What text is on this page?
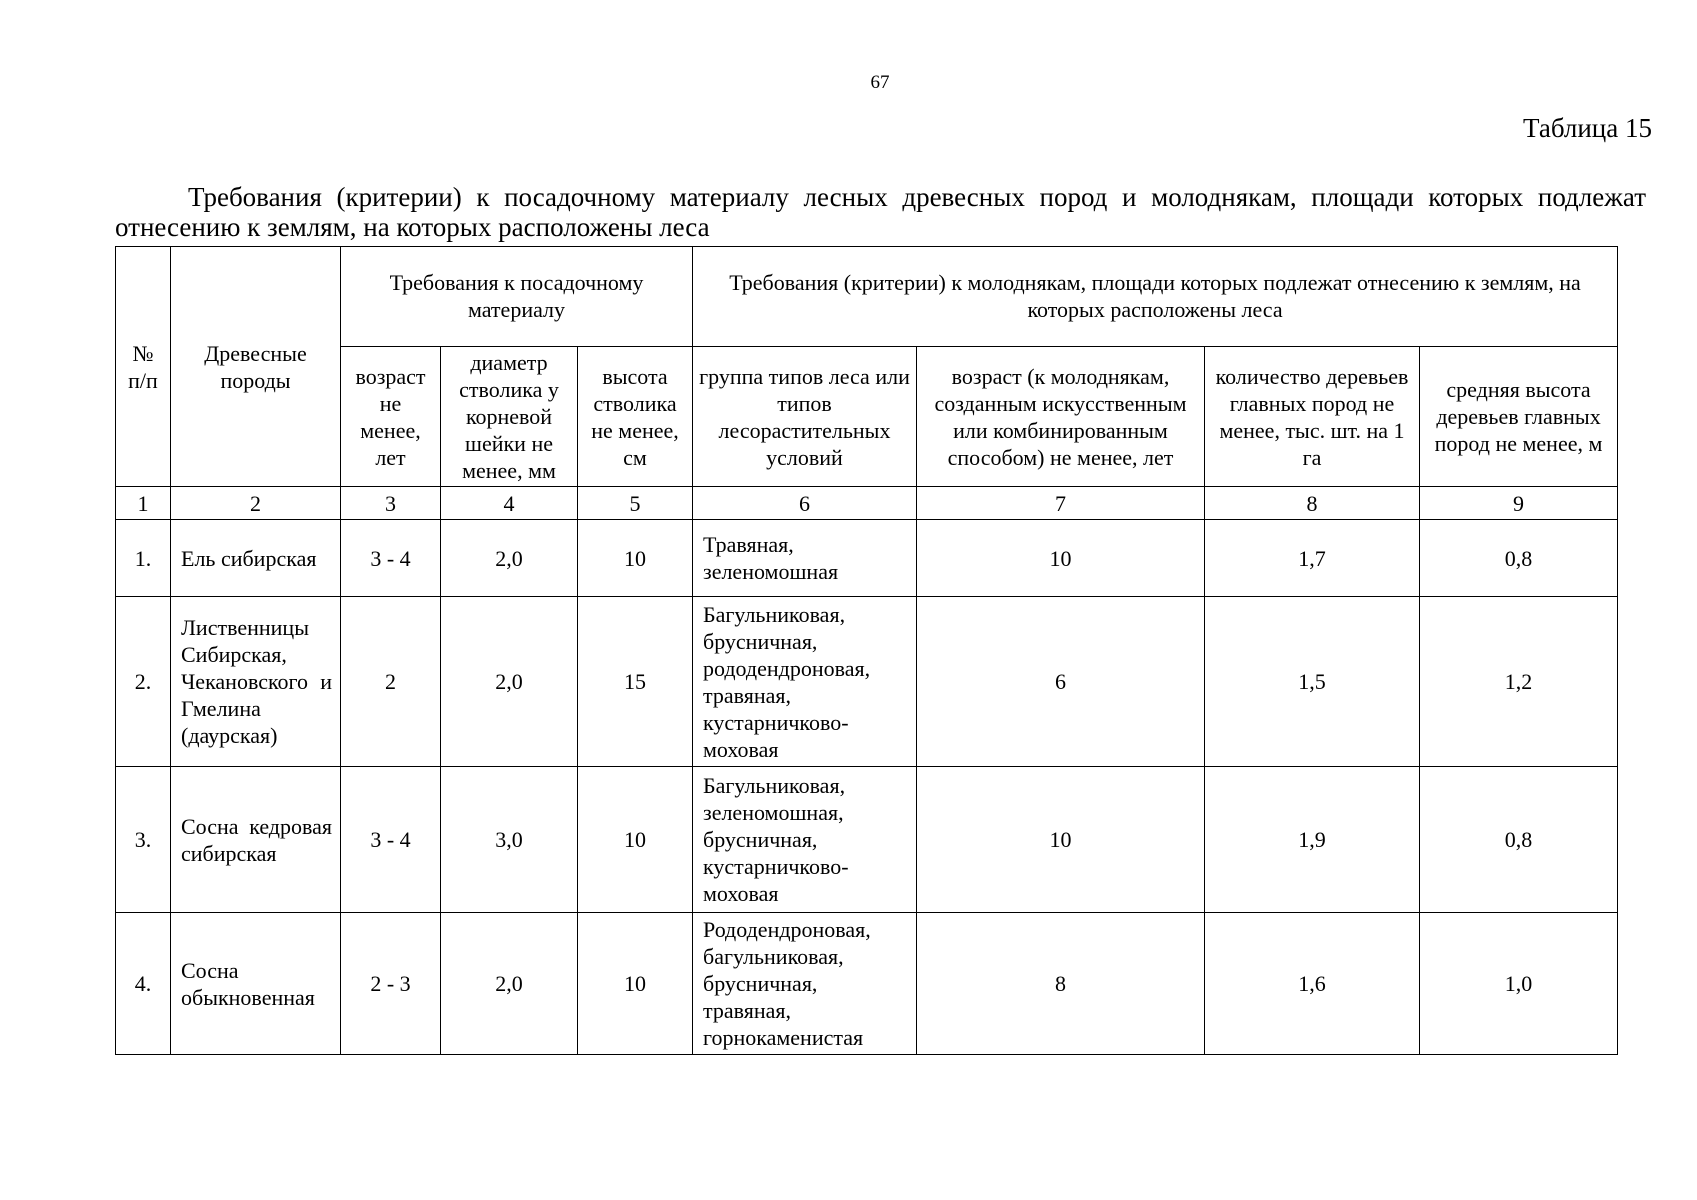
67
Таблица 15

Требования (критерии) к посадочному материалу лесных древесных пород и молоднякам, площади которых подлежат отнесению к землям, на которых расположены леса

№ п/п	Древесные породы	Требования к посадочному материалу			Требования (критерии) к молоднякам, площади которых подлежат отнесению к землям, на которых расположены леса			
		возраст не менее, лет	диаметр стволика у корневой шейки не менее, мм	высота стволика не менее, см	группа типов леса или типов лесорастительных условий	возраст (к молоднякам, созданным искусственным или комбинированным способом) не менее, лет	количество деревьев главных пород не менее, тыс. шт. на 1 га	средняя высота деревьев главных пород не менее, м
1	2	3	4	5	6	7	8	9
1.	Ель сибирская	3 - 4	2,0	10	Травяная, зеленомошная	10	1,7	0,8
2.	Лиственницы Сибирская, Чекановского и Гмелина (даурская)	2	2,0	15	Багульниковая, брусничная, рододендроновая, травяная, кустарничково-моховая	6	1,5	1,2
3.	Сосна кедровая сибирская	3 - 4	3,0	10	Багульниковая, зеленомошная, брусничная, кустарничково-моховая	10	1,9	0,8
4.	Сосна обыкновенная	2 - 3	2,0	10	Рододендроновая, багульниковая, брусничная, травяная, горнокаменистая	8	1,6	1,0
